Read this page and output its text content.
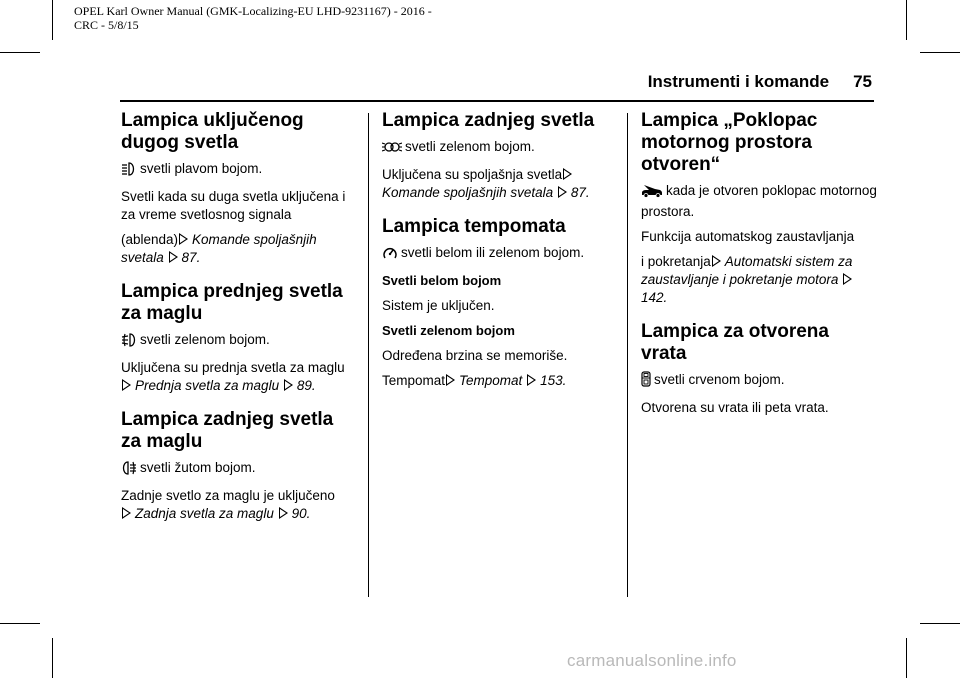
OPEL Karl Owner Manual (GMK-Localizing-EU LHD-9231167) - 2016 -
CRC - 5/8/15
Instrumenti i komande 75
Lampica uključenog dugog svetla

svetli plavom bojom.

Svetli kada su duga svetla uključena i za vreme svetlosnog signala

(ablenda) Komande spoljašnjih svetala 87.

Lampica prednjeg svetla za maglu

svetli zelenom bojom.

Uključena su prednja svetla za magluPrednja svetla za maglu 89.

Lampica zadnjeg svetla za maglu

svetli žutom bojom.

Zadnje svetlo za maglu je uključeno
Zadnja svetla za maglu 90.

Lampica zadnjeg svetla

svetli zelenom bojom.

Uključena su spoljašnja svetla
Komande spoljašnjih svetala 87.

Lampica tempomata

svetli belom ili zelenom bojom.

Svetli belom bojom

Sistem je uključen.

Svetli zelenom bojom

Određena brzina se memoriše.

Tempomat Tempomat 153.

Lampica „Poklopac motornog prostora otvoren“

kada je otvoren poklopac motornog prostora.

Funkcija automatskog zaustavljanja

i pokretanja Automatski sistem za zaustavljanje i pokretanje motora 142.

Lampica za otvorena vrata

svetli crvenom bojom.

Otvorena su vrata ili peta vrata.

carmanualsonline.info
